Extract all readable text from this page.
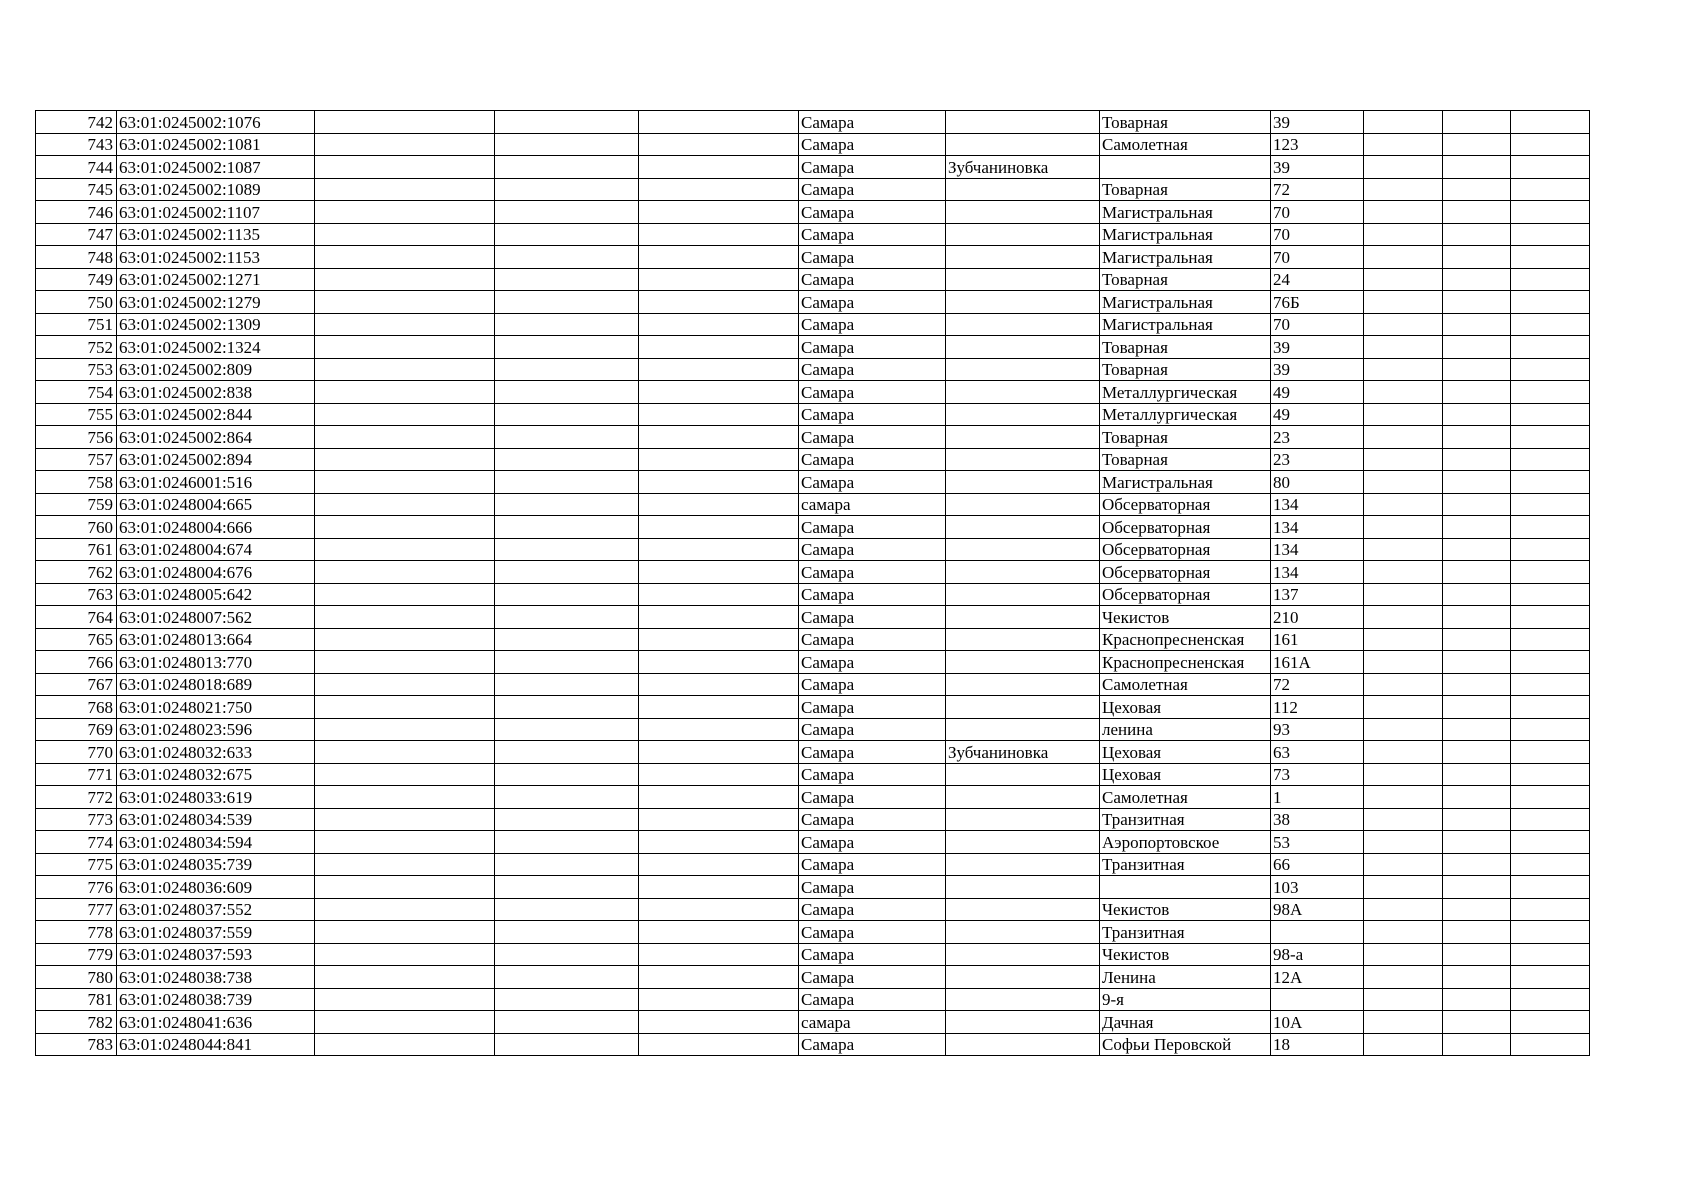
742	63:01:0245002:1076				Самара		Товарная	39			
743	63:01:0245002:1081				Самара		Самолетная	123			
744	63:01:0245002:1087				Самара	Зубчаниновка		39			
745	63:01:0245002:1089				Самара		Товарная	72			
746	63:01:0245002:1107				Самара		Магистральная	70			
747	63:01:0245002:1135				Самара		Магистральная	70			
748	63:01:0245002:1153				Самара		Магистральная	70			
749	63:01:0245002:1271				Самара		Товарная	24			
750	63:01:0245002:1279				Самара		Магистральная	76Б			
751	63:01:0245002:1309				Самара		Магистральная	70			
752	63:01:0245002:1324				Самара		Товарная	39			
753	63:01:0245002:809				Самара		Товарная	39			
754	63:01:0245002:838				Самара		Металлургическая	49			
755	63:01:0245002:844				Самара		Металлургическая	49			
756	63:01:0245002:864				Самара		Товарная	23			
757	63:01:0245002:894				Самара		Товарная	23			
758	63:01:0246001:516				Самара		Магистральная	80			
759	63:01:0248004:665				самара		Обсерваторная	134			
760	63:01:0248004:666				Самара		Обсерваторная	134			
761	63:01:0248004:674				Самара		Обсерваторная	134			
762	63:01:0248004:676				Самара		Обсерваторная	134			
763	63:01:0248005:642				Самара		Обсерваторная	137			
764	63:01:0248007:562				Самара		Чекистов	210			
765	63:01:0248013:664				Самара		Краснопресненская	161			
766	63:01:0248013:770				Самара		Краснопресненская	161А			
767	63:01:0248018:689				Самара		Самолетная	72			
768	63:01:0248021:750				Самара		Цеховая	112			
769	63:01:0248023:596				Самара		ленина	93			
770	63:01:0248032:633				Самара	Зубчаниновка	Цеховая	63			
771	63:01:0248032:675				Самара		Цеховая	73			
772	63:01:0248033:619				Самара		Самолетная	1			
773	63:01:0248034:539				Самара		Транзитная	38			
774	63:01:0248034:594				Самара		Аэропортовское	53			
775	63:01:0248035:739				Самара		Транзитная	66			
776	63:01:0248036:609				Самара			103			
777	63:01:0248037:552				Самара		Чекистов	98А			
778	63:01:0248037:559				Самара		Транзитная				
779	63:01:0248037:593				Самара		Чекистов	98-а			
780	63:01:0248038:738				Самара		Ленина	12А			
781	63:01:0248038:739				Самара		9-я				
782	63:01:0248041:636				самара		Дачная	10А			
783	63:01:0248044:841				Самара		Софьи Перовской	18			
